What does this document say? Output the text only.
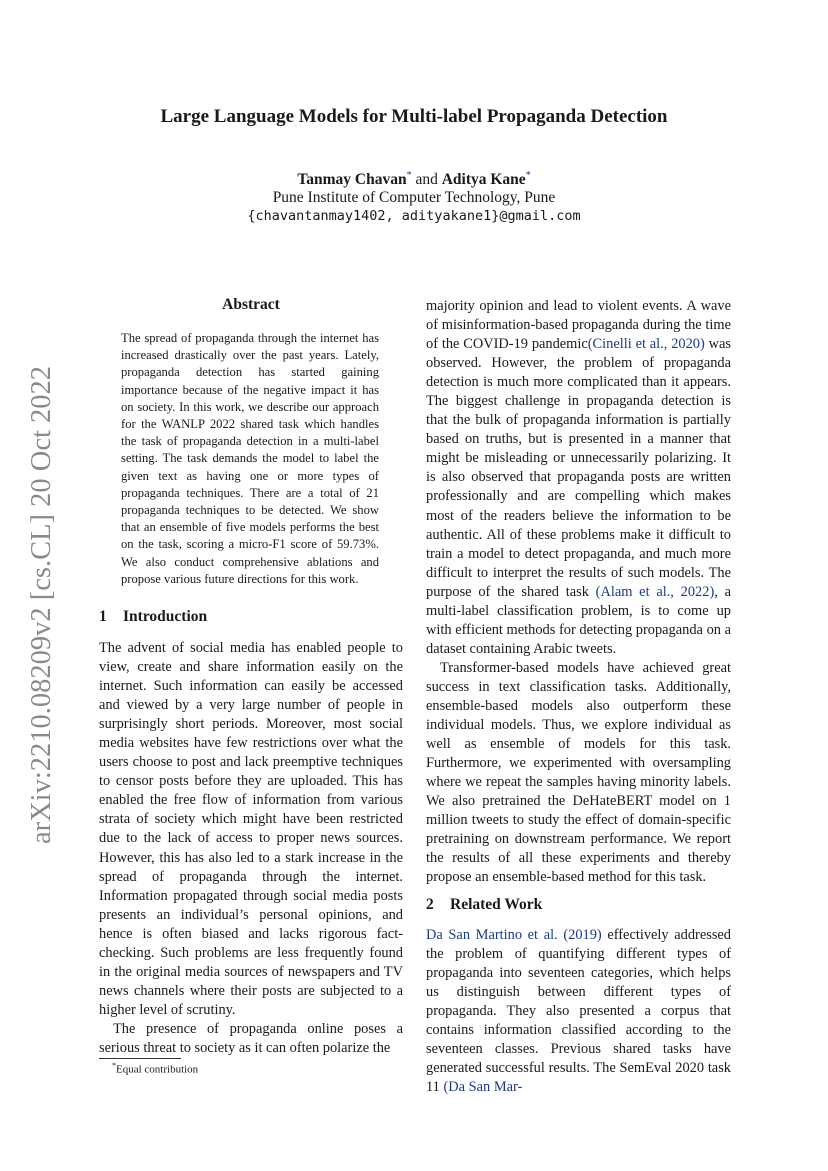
Large Language Models for Multi-label Propaganda Detection
Tanmay Chavan* and Aditya Kane*
Pune Institute of Computer Technology, Pune
{chavantanmay1402, adityakane1}@gmail.com
arXiv:2210.08209v2 [cs.CL] 20 Oct 2022
Abstract

The spread of propaganda through the internet has increased drastically over the past years. Lately, propaganda detection has started gaining importance because of the negative impact it has on society. In this work, we describe our approach for the WANLP 2022 shared task which handles the task of propaganda detection in a multi-label setting. The task demands the model to label the given text as having one or more types of propaganda techniques. There are a total of 21 propaganda techniques to be detected. We show that an ensemble of five models performs the best on the task, scoring a micro-F1 score of 59.73%. We also conduct comprehensive ablations and propose various future directions for this work.

1 Introduction

The advent of social media has enabled people to view, create and share information easily on the internet. Such information can easily be accessed and viewed by a very large number of people in surprisingly short periods. Moreover, most social media websites have few restrictions over what the users choose to post and lack preemptive techniques to censor posts before they are uploaded. This has enabled the free flow of information from various strata of society which might have been restricted due to the lack of access to proper news sources. However, this has also led to a stark increase in the spread of propaganda through the internet. Information propagated through social media posts presents an individual’s personal opinions, and hence is often biased and lacks rigorous fact-checking. Such problems are less frequently found in the original media sources of newspapers and TV news channels where their posts are subjected to a higher level of scrutiny.

The presence of propaganda online poses a serious threat to society as it can often polarize the

*Equal contribution

majority opinion and lead to violent events. A wave of misinformation-based propaganda during the time of the COVID-19 pandemic(Cinelli et al., 2020) was observed. However, the problem of propaganda detection is much more complicated than it appears. The biggest challenge in propaganda detection is that the bulk of propaganda information is partially based on truths, but is presented in a manner that might be misleading or unnecessarily polarizing. It is also observed that propaganda posts are written professionally and are compelling which makes most of the readers believe the information to be authentic. All of these problems make it difficult to train a model to detect propaganda, and much more difficult to interpret the results of such models. The purpose of the shared task (Alam et al., 2022), a multi-label classification problem, is to come up with efficient methods for detecting propaganda on a dataset containing Arabic tweets.

Transformer-based models have achieved great success in text classification tasks. Additionally, ensemble-based models also outperform these individual models. Thus, we explore individual as well as ensemble of models for this task. Furthermore, we experimented with oversampling where we repeat the samples having minority labels. We also pretrained the DeHateBERT model on 1 million tweets to study the effect of domain-specific pretraining on downstream performance. We report the results of all these experiments and thereby propose an ensemble-based method for this task.

2 Related Work

Da San Martino et al. (2019) effectively addressed the problem of quantifying different types of propaganda into seventeen categories, which helps us distinguish between different types of propaganda. They also presented a corpus that contains information classified according to the seventeen classes. Previous shared tasks have generated successful results. The SemEval 2020 task 11 (Da San Mar-
